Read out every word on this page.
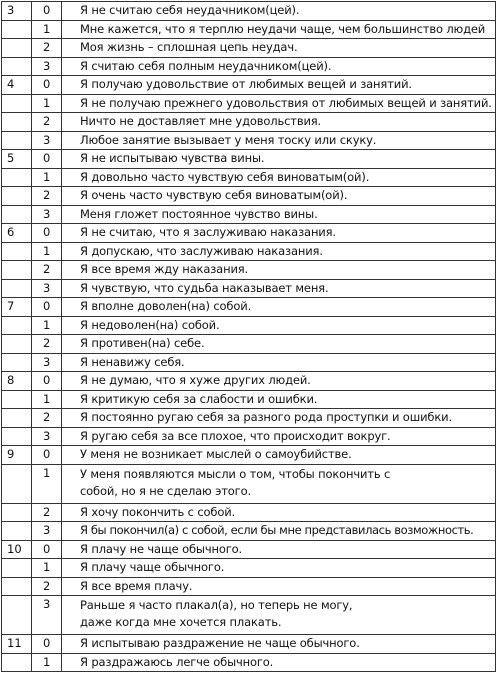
3	0	Я не считаю себя неудачником(цей).
	1	Мне кажется, что я терплю неудачи чаще, чем большинство людей
	2	Моя жизнь – сплошная цепь неудач.
	3	Я считаю себя полным неудачником(цей).
4	0	Я получаю удовольствие от любимых вещей и занятий.
	1	Я не получаю прежнего удовольствия от любимых вещей и занятий.
	2	Ничто не доставляет мне удовольствия.
	3	Любое занятие вызывает у меня тоску или скуку.
5	0	Я не испытываю чувства вины.
	1	Я довольно часто чувствую себя виноватым(ой).
	2	Я очень часто чувствую себя виноватым(ой).
	3	Меня гложет постоянное чувство вины.
6	0	Я не считаю, что я заслуживаю наказания.
	1	Я допускаю, что заслуживаю наказания.
	2	Я все время жду наказания.
	3	Я чувствую, что судьба наказывает меня.
7	0	Я вполне доволен(на) собой.
	1	Я недоволен(на) собой.
	2	Я противен(на) себе.
	3	Я ненавижу себя.
8	0	Я не думаю, что я хуже других людей.
	1	Я критикую себя за слабости и ошибки.
	2	Я постоянно ругаю себя за разного рода проступки и ошибки.
	3	Я ругаю себя за все плохое, что происходит вокруг.
9	0	У меня не возникает мыслей о самоубийстве.
	1	У меня появляются мысли о том, чтобы покончить с собой, но я не сделаю этого.
	2	Я хочу покончить с собой.
	3	Я бы покончил(а) с собой, если бы мне представилась возможность.
10	0	Я плачу не чаще обычного.
	1	Я плачу чаще обычного.
	2	Я все время плачу.
	3	Раньше я часто плакал(а), но теперь не могу, даже когда мне хочется плакать.
11	0	Я испытываю раздражение не чаще обычного.
	1	Я раздражаюсь легче обычного.
